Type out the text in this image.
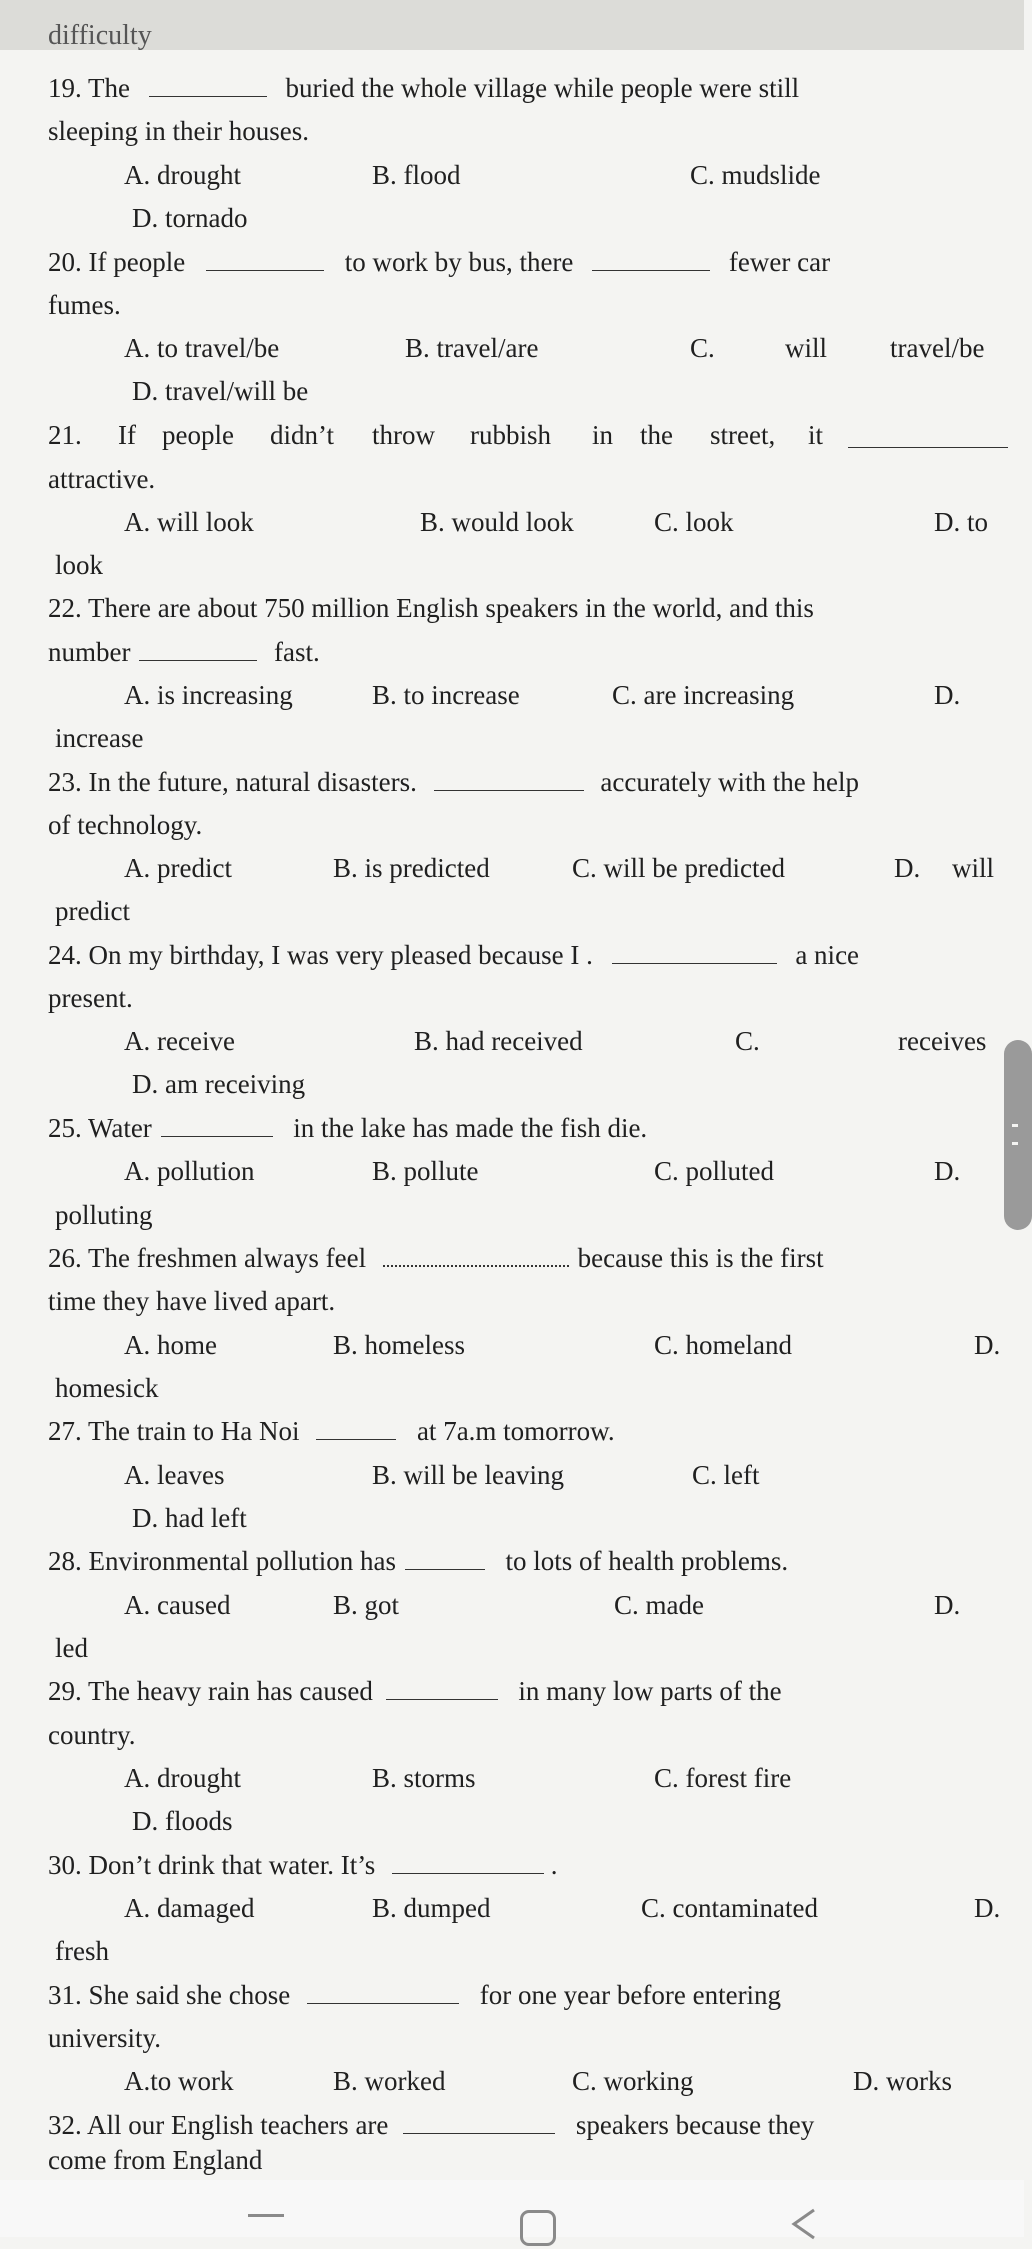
difficulty
19. The	buried the whole village while people were still
sleeping in their houses.
A. drought	B. flood	C. mudslide
D. tornado
20. If people	to work by bus, there	fewer car
fumes.
A. to travel/be	B. travel/are	C.	will travel/be
D. travel/will be
21. If people didn’t throw rubbish in the street, it
attractive.
A. will look	B. would look	C. look	D. to
look
22. There are about 750 million English speakers in the world, and this
number	fast.
A. is increasing	B. to increase	C. are increasing	D.
increase
23. In the future, natural disasters.	accurately with the help
of technology.
A. predict	B. is predicted	C. will be predicted	D. will
predict
24. On my birthday, I was very pleased because I .	a nice
present.
A. receive	B. had received	C.	receives
D. am receiving
25. Water	in the lake has made the fish die.
A. pollution	B. pollute	C. polluted	D.
polluting
26. The freshmen always feel	because this is the first
time they have lived apart.
A. home	B. homeless	C. homeland	D.
homesick
27. The train to Ha Noi	at 7a.m tomorrow.
A. leaves	B. will be leaving	C. left
D. had left
28. Environmental pollution has	to lots of health problems.
A. caused	B. got	C. made	D.
led
29. The heavy rain has caused	in many low parts of the
country.
A. drought	B. storms	C. forest fire
D. floods
30. Don’t drink that water. It’s	.
A. damaged	B. dumped	C. contaminated	D.
fresh
31. She said she chose	for one year before entering
university.
A.to work	B. worked	C. working	D. works
32. All our English teachers are	speakers because they
come from England
